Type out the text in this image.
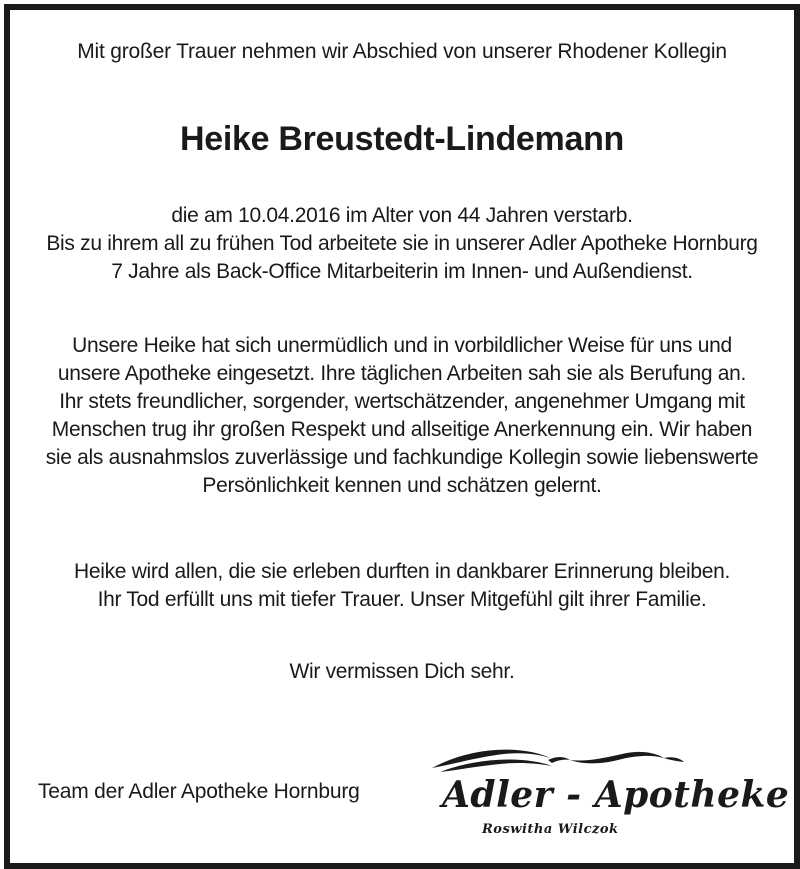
Mit großer Trauer nehmen wir Abschied von unserer Rhodener Kollegin
Heike Breustedt-Lindemann
die am 10.04.2016 im Alter von 44 Jahren verstarb.
Bis zu ihrem all zu frühen Tod arbeitete sie in unserer Adler Apotheke Hornburg
7 Jahre als Back-Office Mitarbeiterin im Innen- und Außendienst.
Unsere Heike hat sich unermüdlich und in vorbildlicher Weise für uns und
unsere Apotheke eingesetzt. Ihre täglichen Arbeiten sah sie als Berufung an.
Ihr stets freundlicher, sorgender, wertschätzender, angenehmer Umgang mit
Menschen trug ihr großen Respekt und allseitige Anerkennung ein. Wir haben
sie als ausnahmslos zuverlässige und fachkundige Kollegin sowie liebenswerte
Persönlichkeit kennen und schätzen gelernt.
Heike wird allen, die sie erleben durften in dankbarer Erinnerung bleiben.
Ihr Tod erfüllt uns mit tiefer Trauer. Unser Mitgefühl gilt ihrer Familie.
Wir vermissen Dich sehr.
Team der Adler Apotheke Hornburg Adler - Apotheke
Roswitha Wilczok
